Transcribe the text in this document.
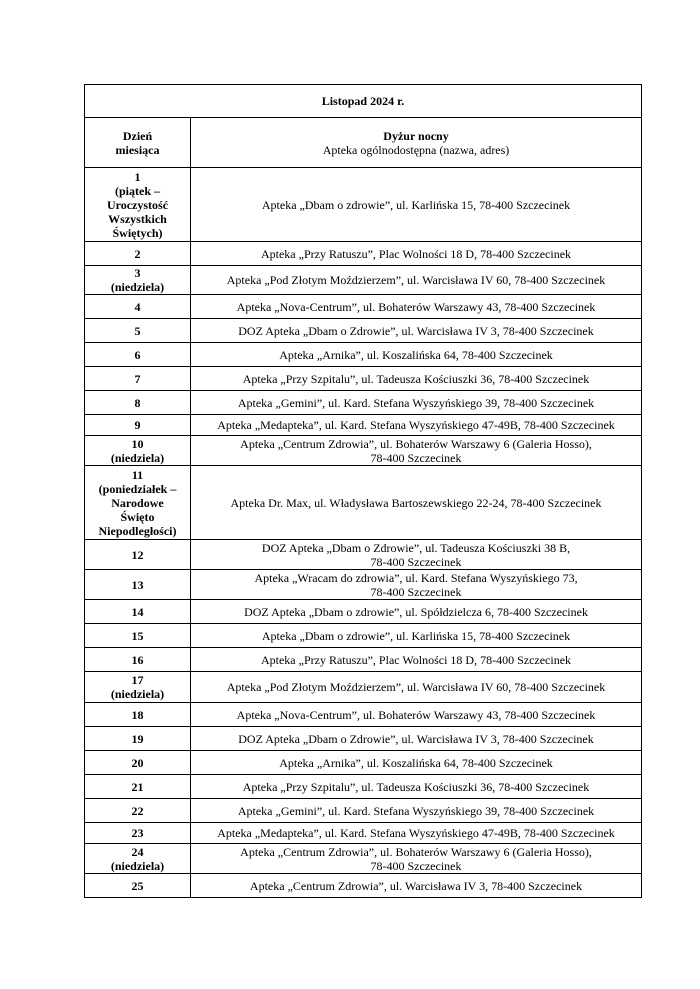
Listopad 2024 r.	

Dzień
miesiąca	Dyżur nocny
Apteka ogólnodostępna (nazwa, adres)

1
(piątek –
Uroczystość
Wszystkich
Świętych)	Apteka „Dbam o zdrowie”, ul. Karlińska 15, 78-400 Szczecinek

2	Apteka „Przy Ratuszu”, Plac Wolności 18 D, 78-400 Szczecinek

3
(niedziela)	Apteka „Pod Złotym Moździerzem”, ul. Warcisława IV 60, 78-400 Szczecinek

4	Apteka „Nova-Centrum”, ul. Bohaterów Warszawy 43, 78-400 Szczecinek

5	DOZ Apteka „Dbam o Zdrowie”, ul. Warcisława IV 3, 78-400 Szczecinek

6	Apteka „Arnika”, ul. Koszalińska 64, 78-400 Szczecinek

7	Apteka „Przy Szpitalu”, ul. Tadeusza Kościuszki 36, 78-400 Szczecinek

8	Apteka „Gemini”, ul. Kard. Stefana Wyszyńskiego 39, 78-400 Szczecinek

9	Apteka „Medapteka”, ul. Kard. Stefana Wyszyńskiego 47-49B, 78-400 Szczecinek

10
(niedziela)	Apteka „Centrum Zdrowia”, ul. Bohaterów Warszawy 6 (Galeria Hosso),
78-400 Szczecinek

11
(poniedziałek –
Narodowe
Święto
Niepodległości)	Apteka Dr. Max, ul. Władysława Bartoszewskiego 22-24, 78-400 Szczecinek

12	DOZ Apteka „Dbam o Zdrowie”, ul. Tadeusza Kościuszki 38 B,
78-400 Szczecinek

13	Apteka „Wracam do zdrowia”, ul. Kard. Stefana Wyszyńskiego 73,
78-400 Szczecinek

14	DOZ Apteka „Dbam o zdrowie”, ul. Spółdzielcza 6, 78-400 Szczecinek

15	Apteka „Dbam o zdrowie”, ul. Karlińska 15, 78-400 Szczecinek

16	Apteka „Przy Ratuszu”, Plac Wolności 18 D, 78-400 Szczecinek

17
(niedziela)	Apteka „Pod Złotym Moździerzem”, ul. Warcisława IV 60, 78-400 Szczecinek

18	Apteka „Nova-Centrum”, ul. Bohaterów Warszawy 43, 78-400 Szczecinek

19	DOZ Apteka „Dbam o Zdrowie”, ul. Warcisława IV 3, 78-400 Szczecinek

20	Apteka „Arnika”, ul. Koszalińska 64, 78-400 Szczecinek

21	Apteka „Przy Szpitalu”, ul. Tadeusza Kościuszki 36, 78-400 Szczecinek

22	Apteka „Gemini”, ul. Kard. Stefana Wyszyńskiego 39, 78-400 Szczecinek

23	Apteka „Medapteka”, ul. Kard. Stefana Wyszyńskiego 47-49B, 78-400 Szczecinek

24
(niedziela)	Apteka „Centrum Zdrowia”, ul. Bohaterów Warszawy 6 (Galeria Hosso),
78-400 Szczecinek

25	Apteka „Centrum Zdrowia”, ul. Warcisława IV 3, 78-400 Szczecinek
